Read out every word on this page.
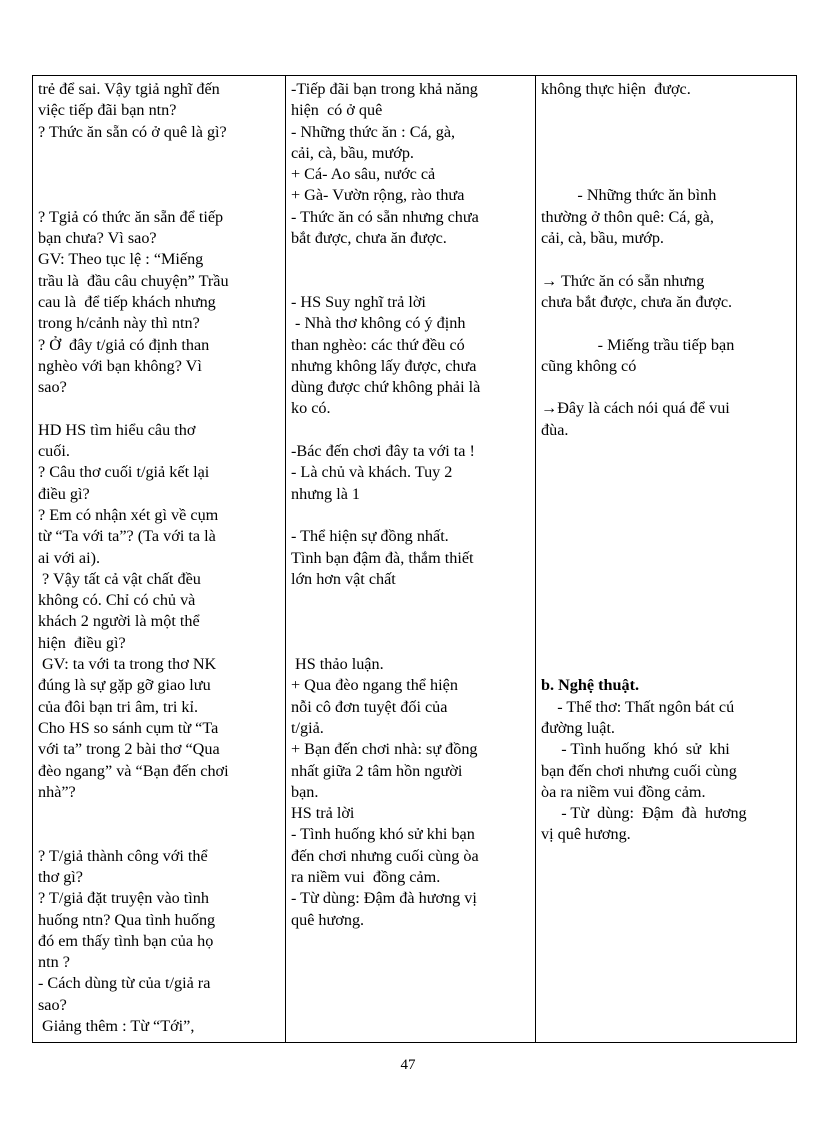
trẻ để sai. Vậy tgiả nghĩ đến
việc tiếp đãi bạn ntn?
? Thức ăn sẵn có ở quê là gì?
? Tgiả có thức ăn sẵn để tiếp
bạn chưa? Vì sao?
GV: Theo tục lệ : “Miếng
trầu là  đầu câu chuyện” Trầu
cau là  để tiếp khách nhưng
trong h/cảnh này thì ntn?
? Ở  đây t/giả có định than
nghèo với bạn không? Vì
sao?
HD HS tìm hiểu câu thơ
cuối.
? Câu thơ cuối t/giả kết lại
điều gì?
? Em có nhận xét gì về cụm
từ “Ta với ta”? (Ta với ta là
ai với ai).
? Vậy tất cả vật chất đều
không có. Chỉ có chủ và
khách 2 người là một thể
hiện  điều gì?
GV: ta với ta trong thơ NK
đúng là sự gặp gỡ giao lưu
của đôi bạn tri âm, tri kỉ.
Cho HS so sánh cụm từ “Ta
với ta” trong 2 bài thơ “Qua
đèo ngang” và “Bạn đến chơi
nhà”?
? T/giả thành công với thể
thơ gì?
? T/giả đặt truyện vào tình
huống ntn? Qua tình huống
đó em thấy tình bạn của họ
ntn ?
- Cách dùng từ của t/giả ra
sao?
Giảng thêm : Từ “Tới”,

-Tiếp đãi bạn trong khả năng
hiện  có ở quê
- Những thức ăn : Cá, gà,
cải, cà, bầu, mướp.
+ Cá- Ao sâu, nước cả
+ Gà- Vườn rộng, rào thưa
- Thức ăn có sẵn nhưng chưa
bắt được, chưa ăn được.
- HS Suy nghĩ trả lời
- Nhà thơ không có ý định
than nghèo: các thứ đều có
nhưng không lấy được, chưa
dùng được chứ không phải là
ko có.
-Bác đến chơi đây ta với ta !
- Là chủ và khách. Tuy 2
nhưng là 1
- Thể hiện sự đồng nhất.
Tình bạn đậm đà, thắm thiết
lớn hơn vật chất
HS thảo luận.
+ Qua đèo ngang thể hiện
nỗi cô đơn tuyệt đối của
t/giả.
+ Bạn đến chơi nhà: sự đồng
nhất giữa 2 tâm hồn người
bạn.
HS trả lời
- Tình huống khó sử khi bạn
đến chơi nhưng cuối cùng òa
ra niềm vui  đồng cảm.
- Từ dùng: Đậm đà hương vị
quê hương.

không thực hiện  được.
- Những thức ăn bình
thường ở thôn quê: Cá, gà,
cải, cà, bầu, mướp.
→ Thức ăn có sẵn nhưng
chưa bắt được, chưa ăn được.
- Miếng trầu tiếp bạn
cũng không có
→Đây là cách nói quá để vui
đùa.
b. Nghệ thuật.
- Thể thơ: Thất ngôn bát cú
đường luật.
- Tình huống  khó  sử  khi
bạn đến chơi nhưng cuối cùng
òa ra niềm vui đồng cảm.
- Từ  dùng:  Đậm  đà  hương
vị quê hương.
47
